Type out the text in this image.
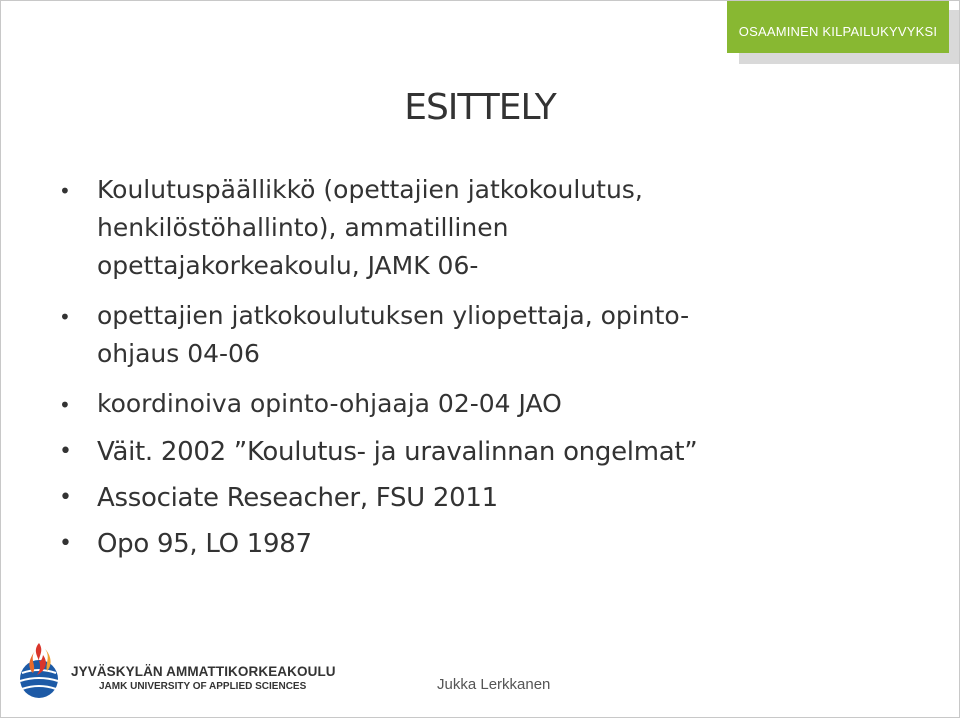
OSAAMINEN KILPAILUKYVYKSI
ESITTELY
• Koulutuspäällikkö (opettajien jatkokoulutus,
henkilöstöhallinto), ammatillinen
opettajakorkeakoulu, JAMK 06-
• opettajien jatkokoulutuksen yliopettaja, opinto-
ohjaus 04-06
• koordinoiva opinto-ohjaaja 02-04 JAO
• Väit. 2002 ”Koulutus- ja uravalinnan ongelmat”
• Associate Reseacher, FSU 2011
• Opo 95, LO 1987
JYVÄSKYLÄN AMMATTIKORKEAKOULU
JAMK UNIVERSITY OF APPLIED SCIENCES	Jukka Lerkkanen
